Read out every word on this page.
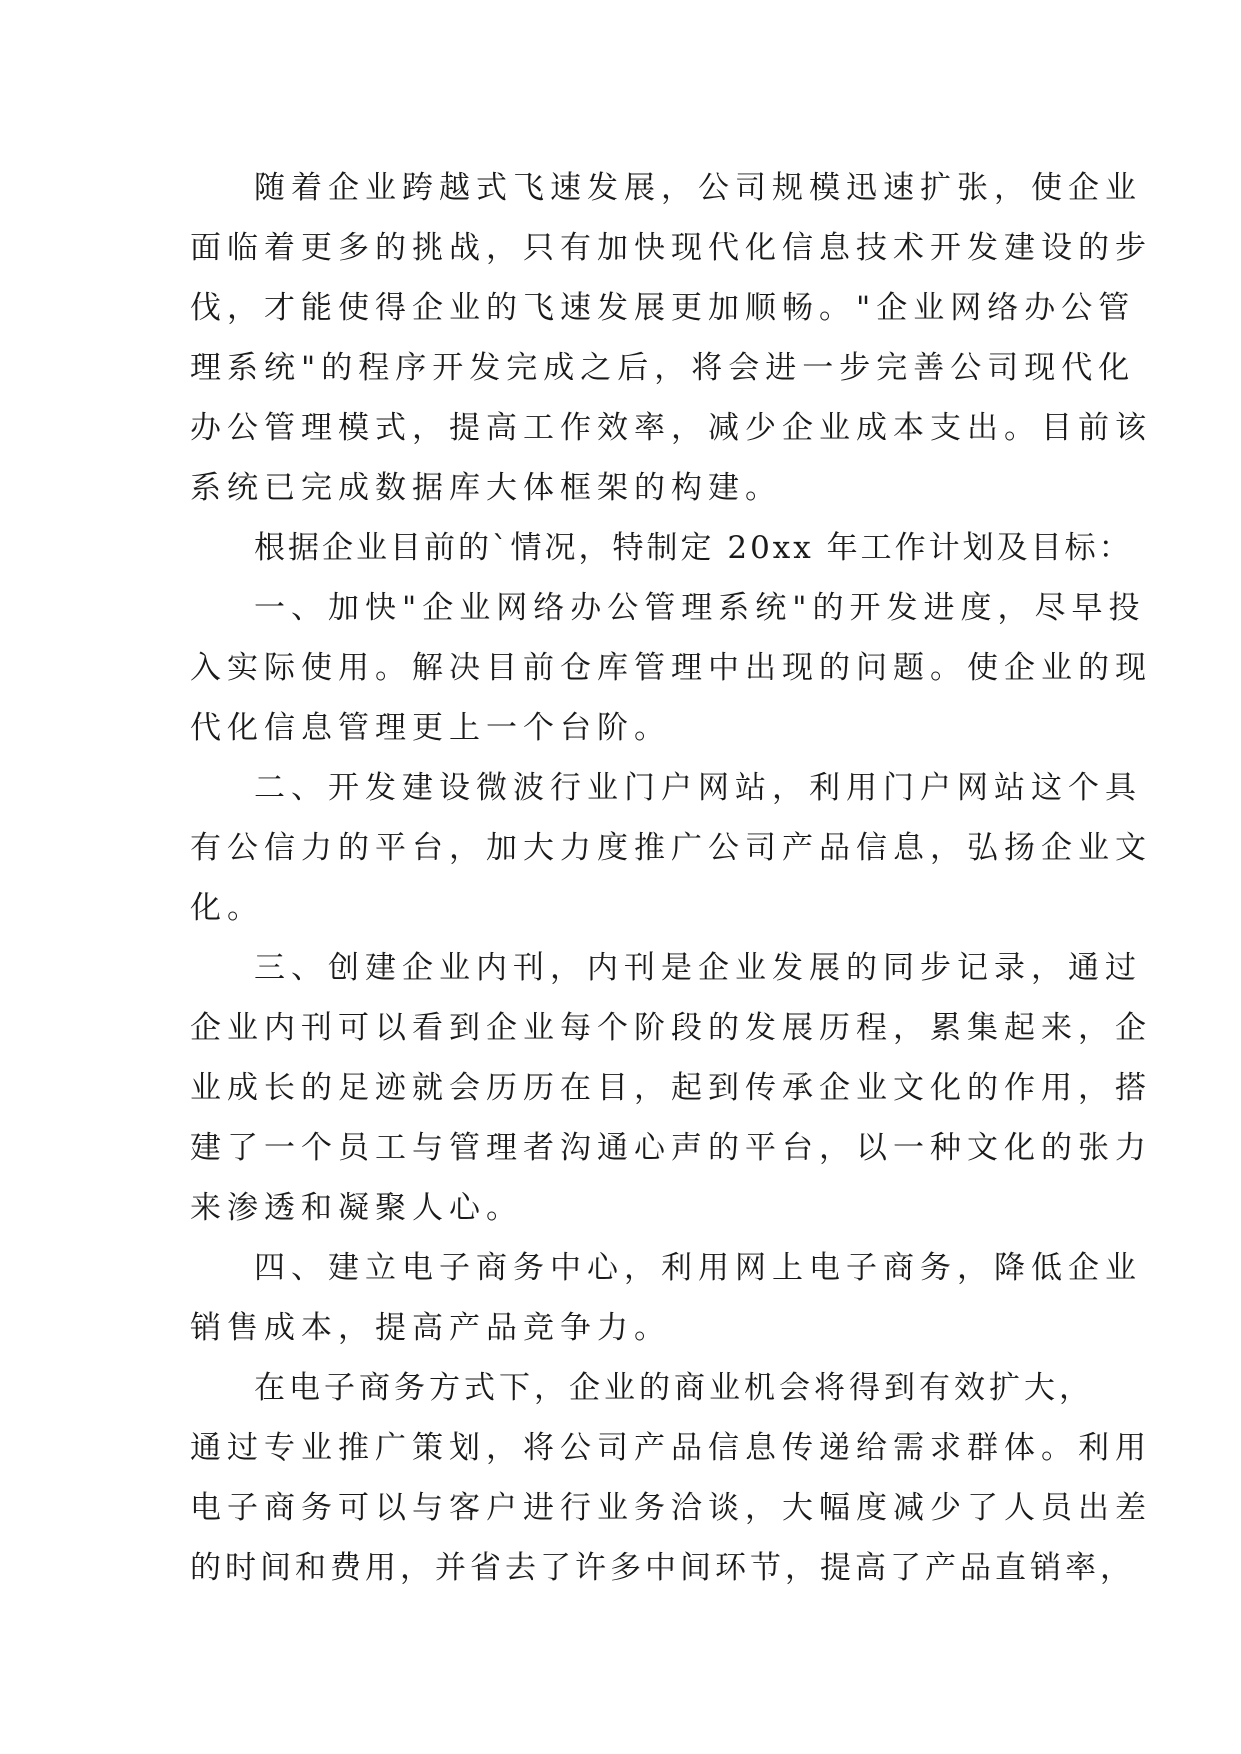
随着企业跨越式飞速发展，公司规模迅速扩张，使企业
面临着更多的挑战，只有加快现代化信息技术开发建设的步
伐，才能使得企业的飞速发展更加顺畅。"企业网络办公管
理系统"的程序开发完成之后，将会进一步完善公司现代化
办公管理模式，提高工作效率，减少企业成本支出。目前该
系统已完成数据库大体框架的构建。
根据企业目前的`情况，特制定 20xx 年工作计划及目标：
一、加快"企业网络办公管理系统"的开发进度，尽早投
入实际使用。解决目前仓库管理中出现的问题。使企业的现
代化信息管理更上一个台阶。
二、开发建设微波行业门户网站，利用门户网站这个具
有公信力的平台，加大力度推广公司产品信息，弘扬企业文
化。
三、创建企业内刊，内刊是企业发展的同步记录，通过
企业内刊可以看到企业每个阶段的发展历程，累集起来，企
业成长的足迹就会历历在目，起到传承企业文化的作用，搭
建了一个员工与管理者沟通心声的平台，以一种文化的张力
来渗透和凝聚人心。
四、建立电子商务中心，利用网上电子商务，降低企业
销售成本，提高产品竞争力。
在电子商务方式下，企业的商业机会将得到有效扩大，
通过专业推广策划，将公司产品信息传递给需求群体。利用
电子商务可以与客户进行业务洽谈，大幅度减少了人员出差
的时间和费用，并省去了许多中间环节，提高了产品直销率，
